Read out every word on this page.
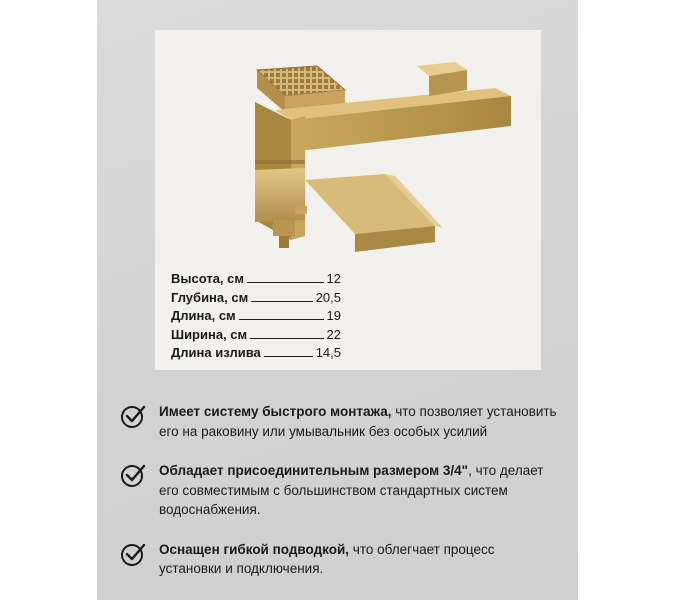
Высота, см	12
Глубина, см	20,5
Длина, см	19
Ширина, см	22
Длина излива	14,5
Имеет систему быстрого монтажа, что позволяет установить его на раковину или умывальник без особых усилий
Обладает присоединительным размером 3/4", что делает его совместимым с большинством стандартных систем водоснабжения.
Оснащен гибкой подводкой, что облегчает процесс установки и подключения.
